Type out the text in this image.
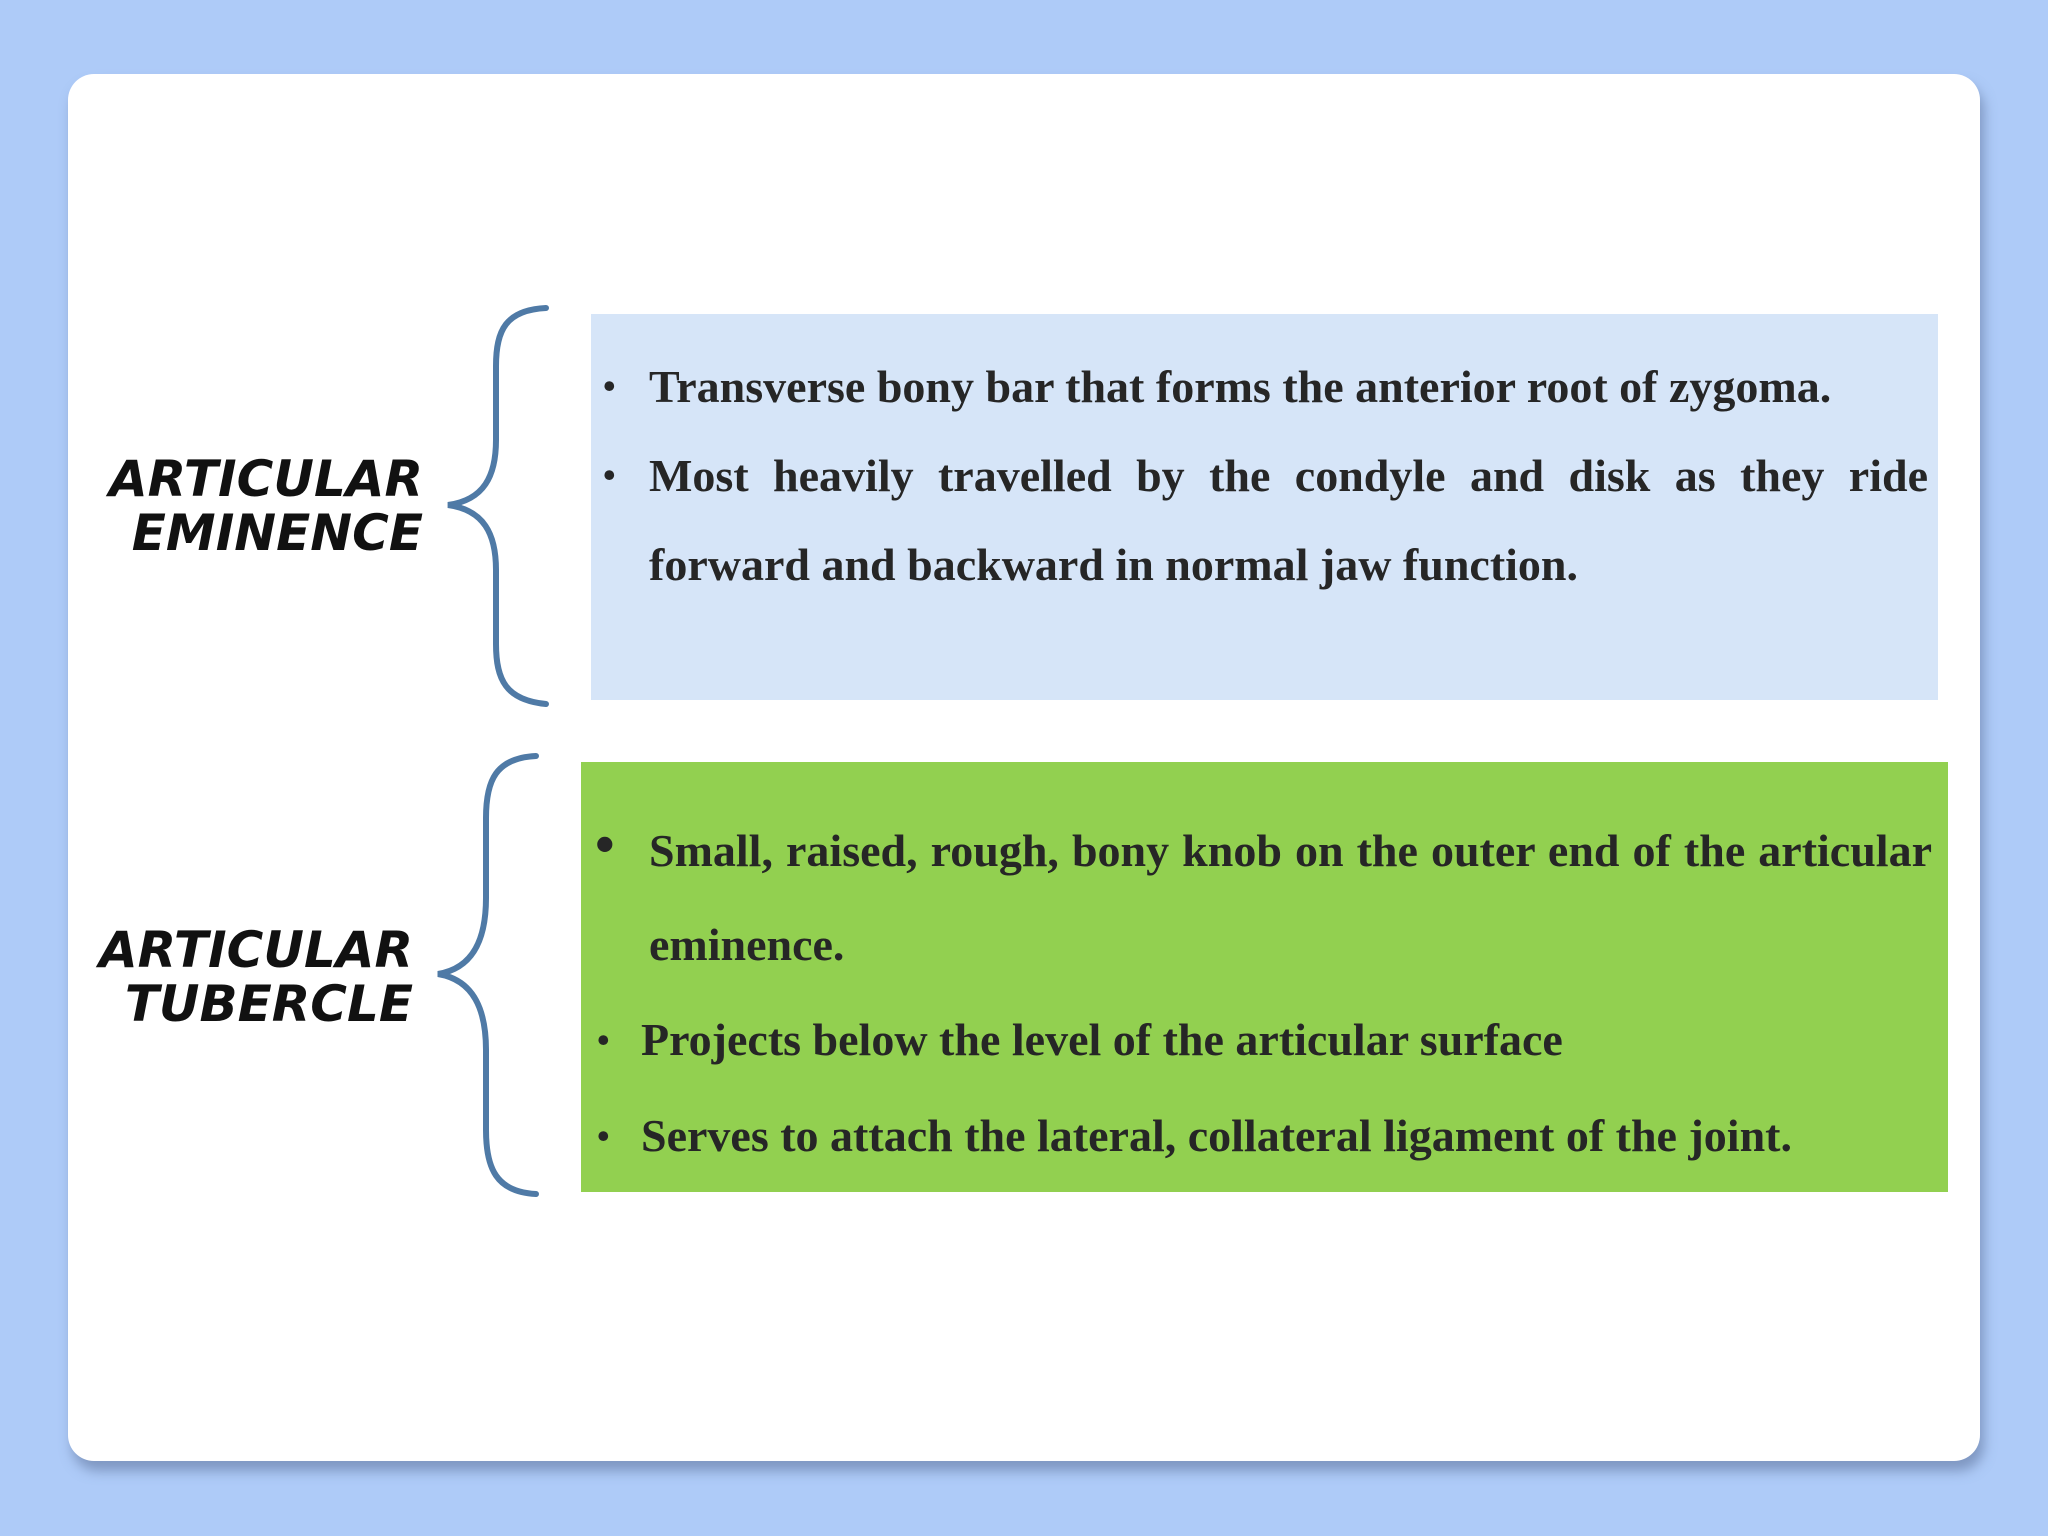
ARTICULAR
EMINENCE
• Transverse bony bar that forms the anterior root of zygoma.
• Most heavily travelled by the condyle and disk as they ride forward and backward in normal jaw function.
ARTICULAR
TUBERCLE
• Small, raised, rough, bony knob on the outer end of the articular eminence.
• Projects below the level of the articular surface
• Serves to attach the lateral, collateral ligament of the joint.
